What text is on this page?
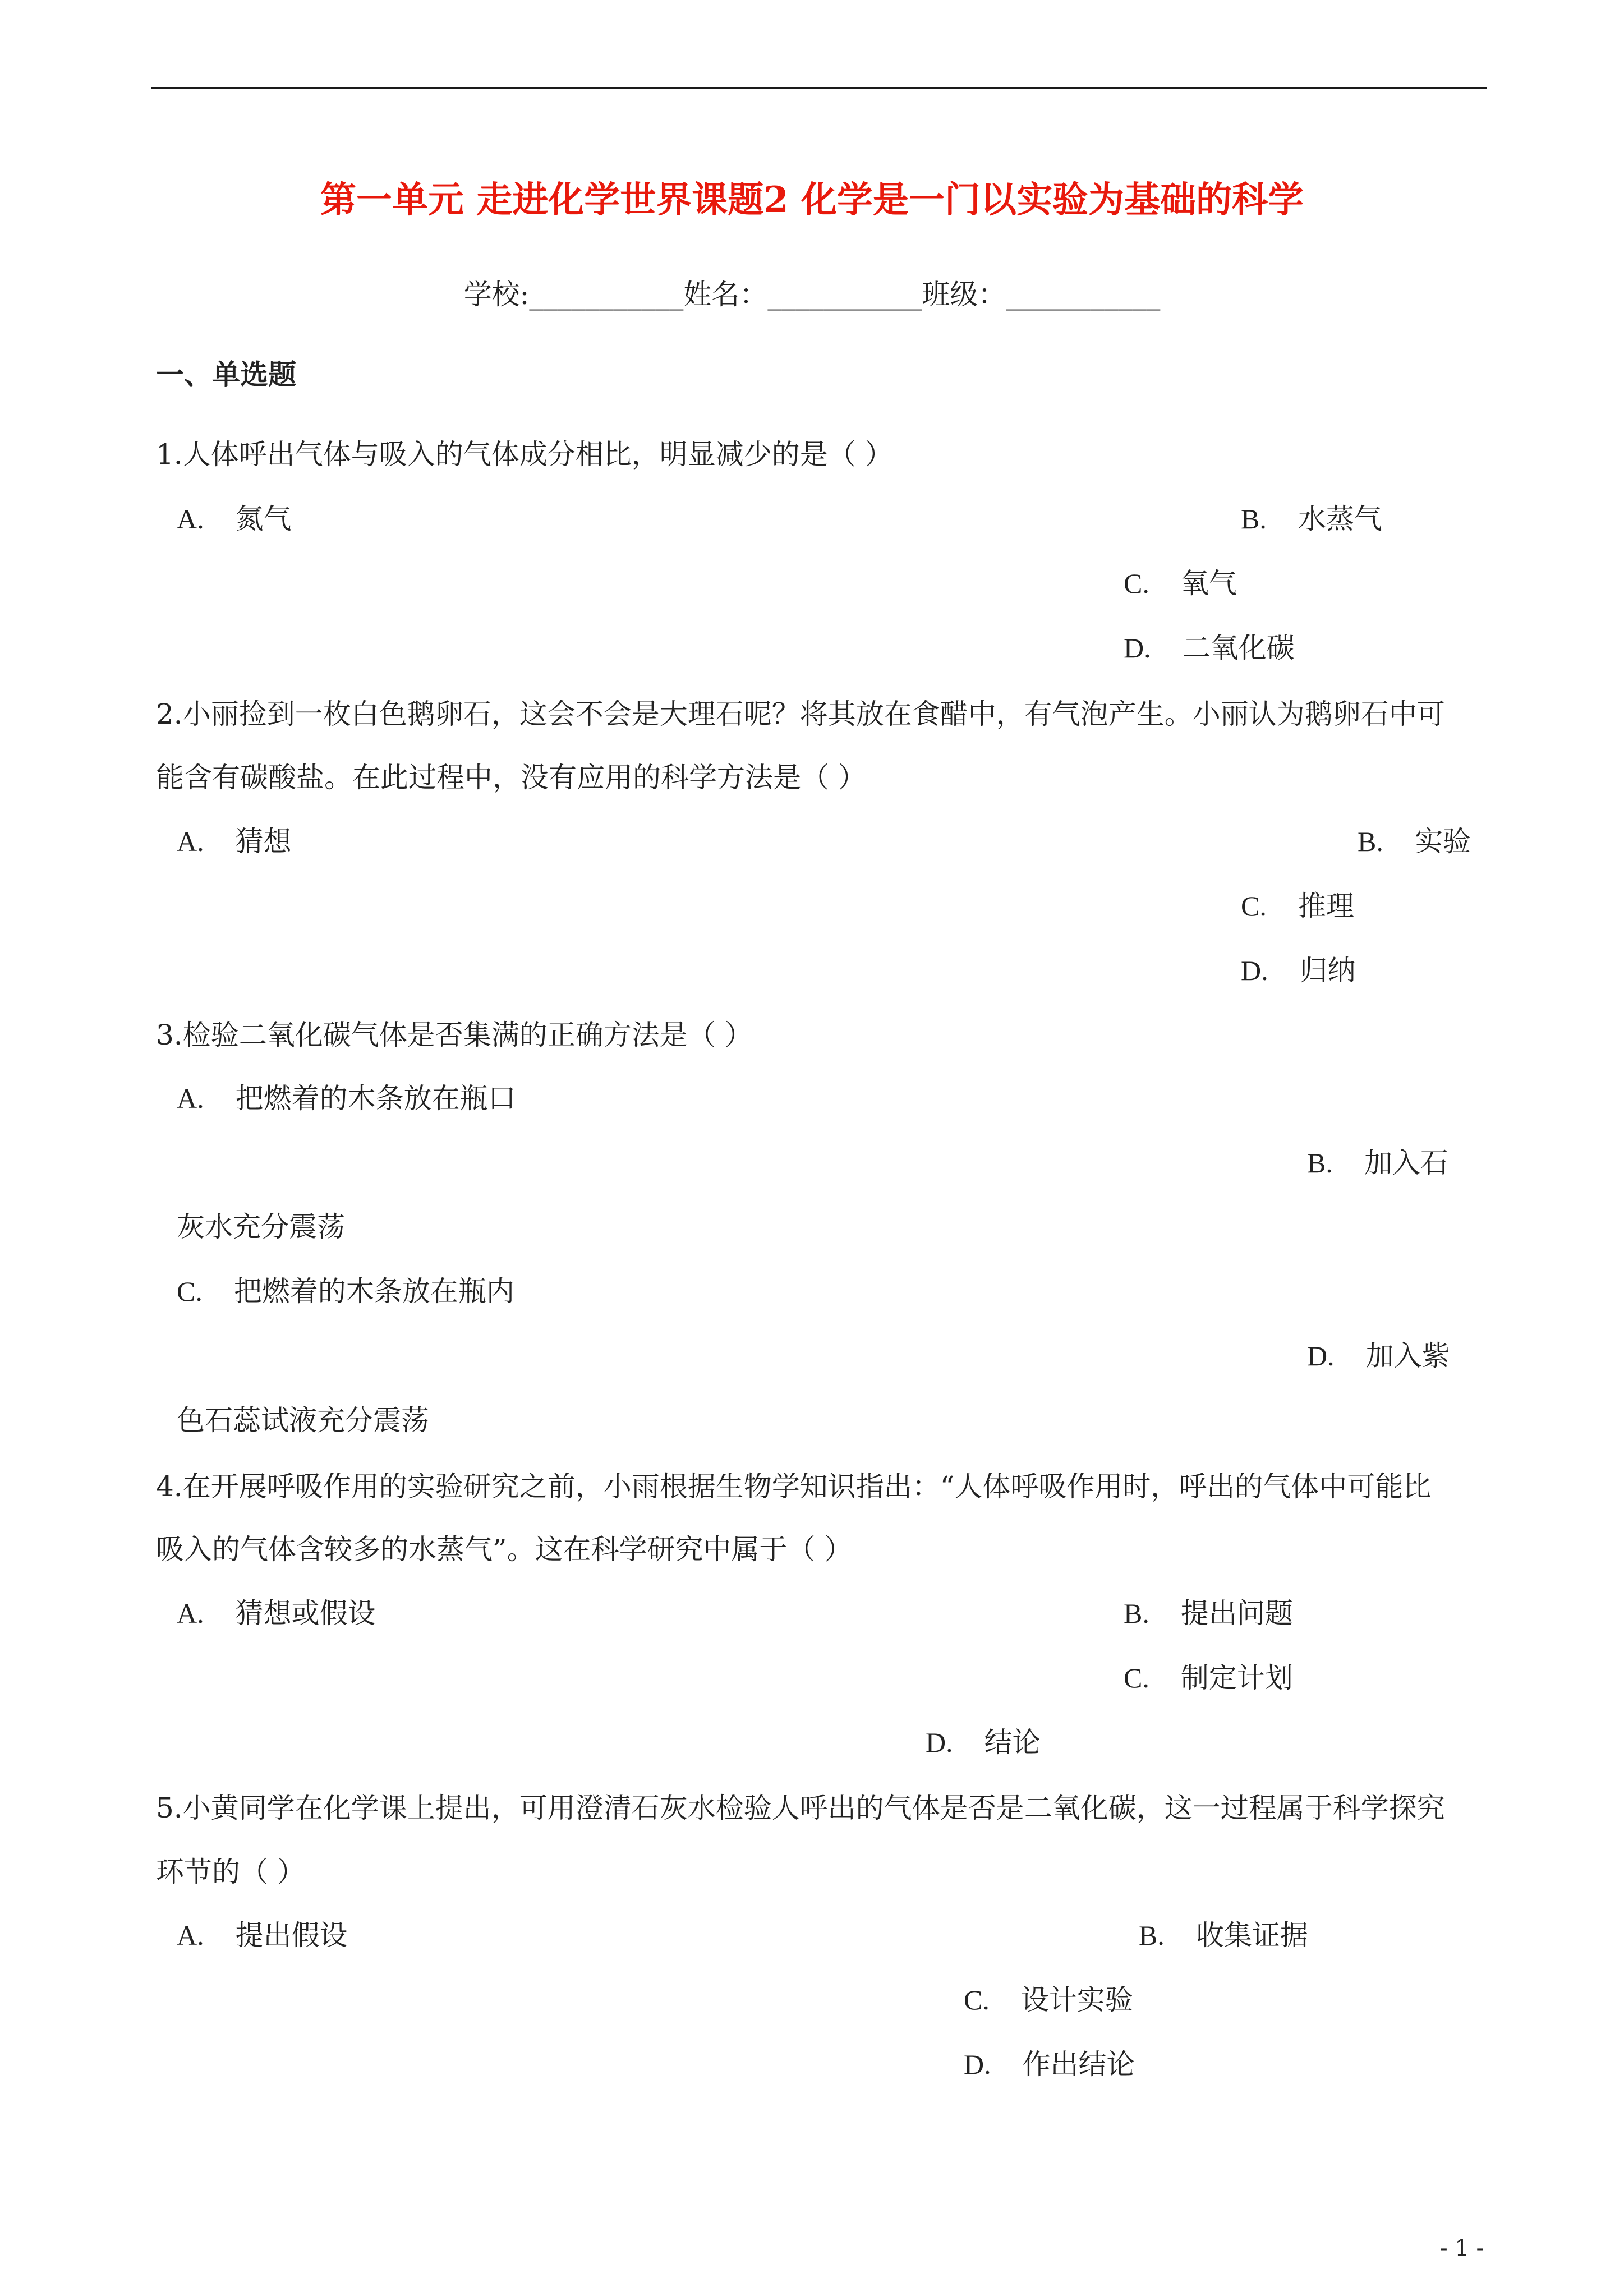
第一单元 走进化学世界课题2 化学是一门以实验为基础的科学
学校:___________姓名：___________班级：___________
一、单选题
1.人体呼出气体与吸入的气体成分相比，明显减少的是（ ）
A. 氮气	B. 水蒸气
C. 氧气
D. 二氧化碳
2.小丽捡到一枚白色鹅卵石，这会不会是大理石呢？将其放在食醋中，有气泡产生。小丽认为鹅卵石中可
能含有碳酸盐。在此过程中，没有应用的科学方法是（ ）
A. 猜想	B. 实验
C. 推理
D. 归纳
3.检验二氧化碳气体是否集满的正确方法是（ ）
A. 把燃着的木条放在瓶口
B. 加入石
灰水充分震荡
C. 把燃着的木条放在瓶内
D. 加入紫
色石蕊试液充分震荡
4.在开展呼吸作用的实验研究之前，小雨根据生物学知识指出：“人体呼吸作用时，呼出的气体中可能比
吸入的气体含较多的水蒸气”。这在科学研究中属于（ ）
A. 猜想或假设	B. 提出问题
C. 制定计划
D. 结论
5.小黄同学在化学课上提出，可用澄清石灰水检验人呼出的气体是否是二氧化碳，这一过程属于科学探究
环节的（ ）
A. 提出假设	B. 收集证据
C. 设计实验
D. 作出结论
- 1 -
